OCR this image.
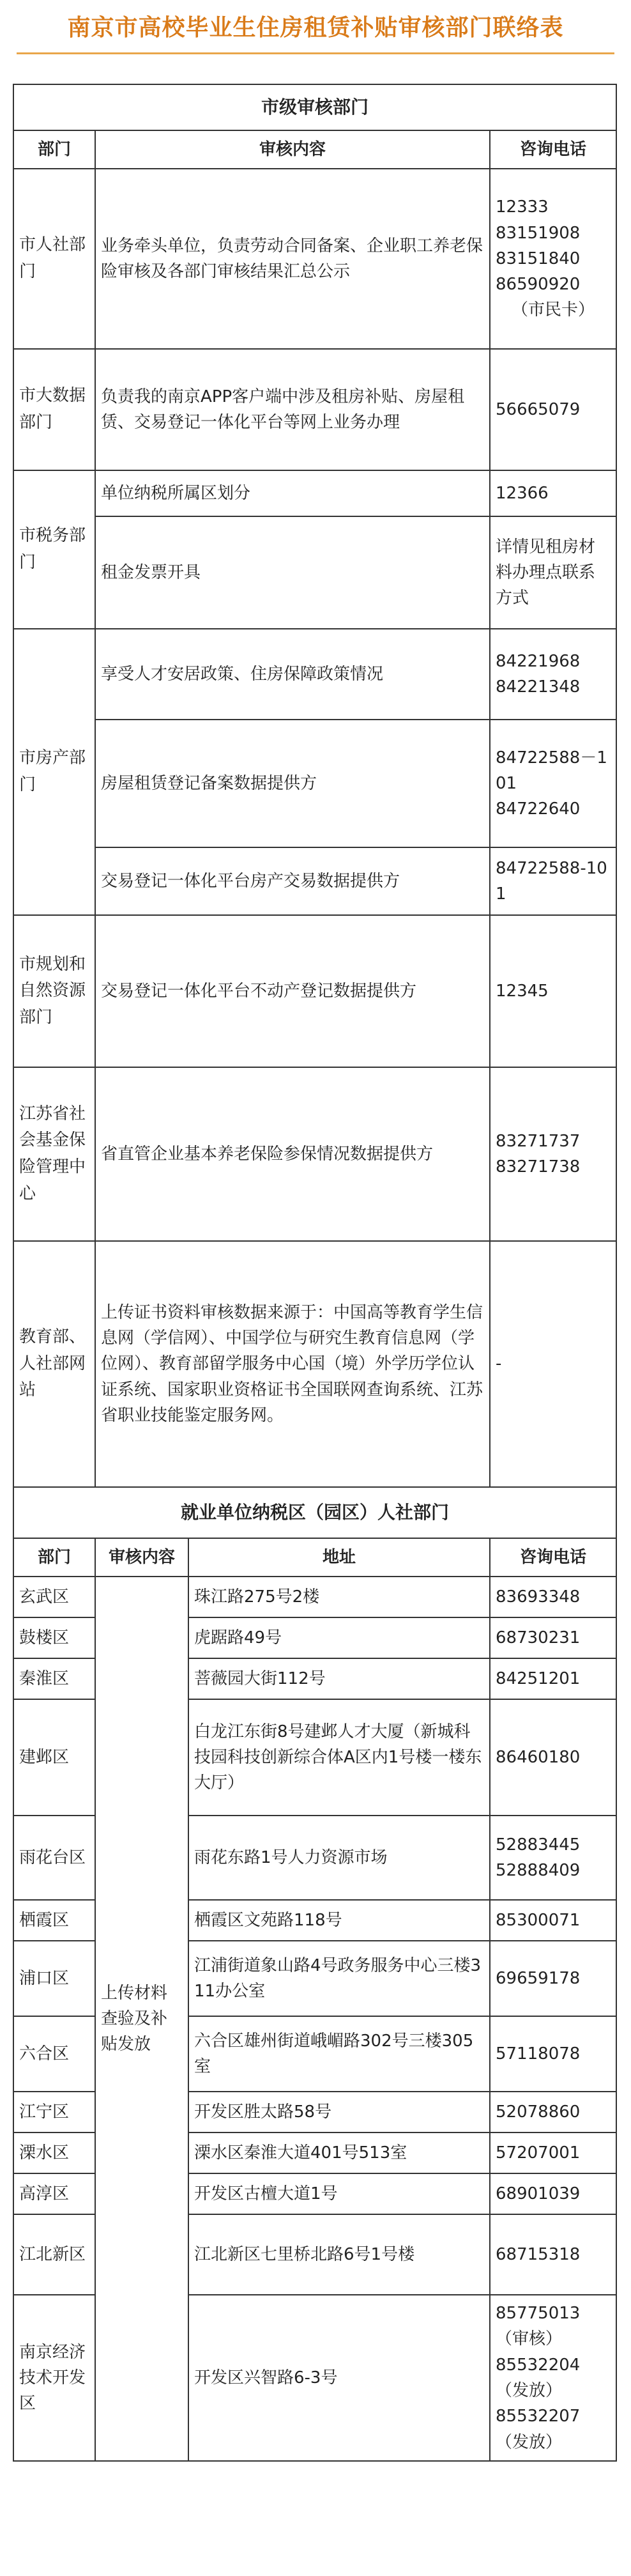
南京市高校毕业生住房租赁补贴审核部门联络表
市级审核部门		
部门	审核内容	咨询电话
市人社部门	业务牵头单位，负责劳动合同备案、企业职工养老保险审核及各部门审核结果汇总公示	12333
83151908
83151840
86590920
（市民卡）

市大数据部门	负责我的南京APP客户端中涉及租房补贴、房屋租赁、交易登记一体化平台等网上业务办理	56665079
市税务部门	单位纳税所属区划分	12366
	租金发票开具	详情见租房材料办理点联系方式
市房产部门	享受人才安居政策、住房保障政策情况	84221968
84221348

	房屋租赁登记备案数据提供方	84722588－101
84722640

	交易登记一体化平台房产交易数据提供方	84722588-101
市规划和自然资源部门	交易登记一体化平台不动产登记数据提供方	12345
江苏省社会基金保险管理中心	省直管企业基本养老保险参保情况数据提供方	83271737
83271738

教育部、人社部网站	上传证书资料审核数据来源于：中国高等教育学生信息网（学信网）、中国学位与研究生教育信息网（学位网）、教育部留学服务中心国（境）外学历学位认证系统、国家职业资格证书全国联网查询系统、江苏省职业技能鉴定服务网。	-
就业单位纳税区（园区）人社部门			
部门	审核内容	地址	咨询电话
玄武区	上传材料查验及补贴发放	珠江路275号2楼	83693348
鼓楼区		虎踞路49号	68730231
秦淮区		菩薇园大街112号	84251201
建邺区		白龙江东街8号建邺人才大厦（新城科技园科技创新综合体A区内1号楼一楼东大厅）	86460180
雨花台区		雨花东路1号人力资源市场	52883445
52888409

栖霞区		栖霞区文苑路118号	85300071
浦口区		江浦街道象山路4号政务服务中心三楼311办公室	69659178
六合区		六合区雄州街道峨嵋路302号三楼305室	57118078
江宁区		开发区胜太路58号	52078860
溧水区		溧水区秦淮大道401号513室	57207001
高淳区		开发区古檀大道1号	68901039
江北新区		江北新区七里桥北路6号1号楼	68715318
南京经济技术开发区		开发区兴智路6-3号	85775013（审核）
85532204（发放）
85532207（发放）
